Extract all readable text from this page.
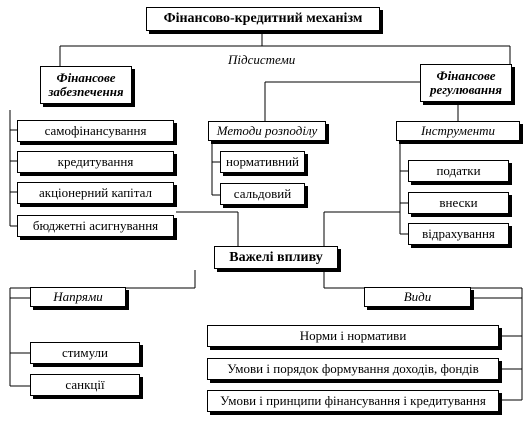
Фінансово-кредитний механізм
Підсистеми
Фінансове забезпечення
самофінансування
кредитування
акціонерний капітал
бюджетні асигнування
Методи розподілу
нормативний
сальдовий
Фінансове регулювання
Інструменти
податки
внески
відрахування
Важелі впливу
Напрями
стимули
санкції
Види
Норми і нормативи
Умови і порядок формування доходів, фондів
Умови і принципи фінансування і кредитування
